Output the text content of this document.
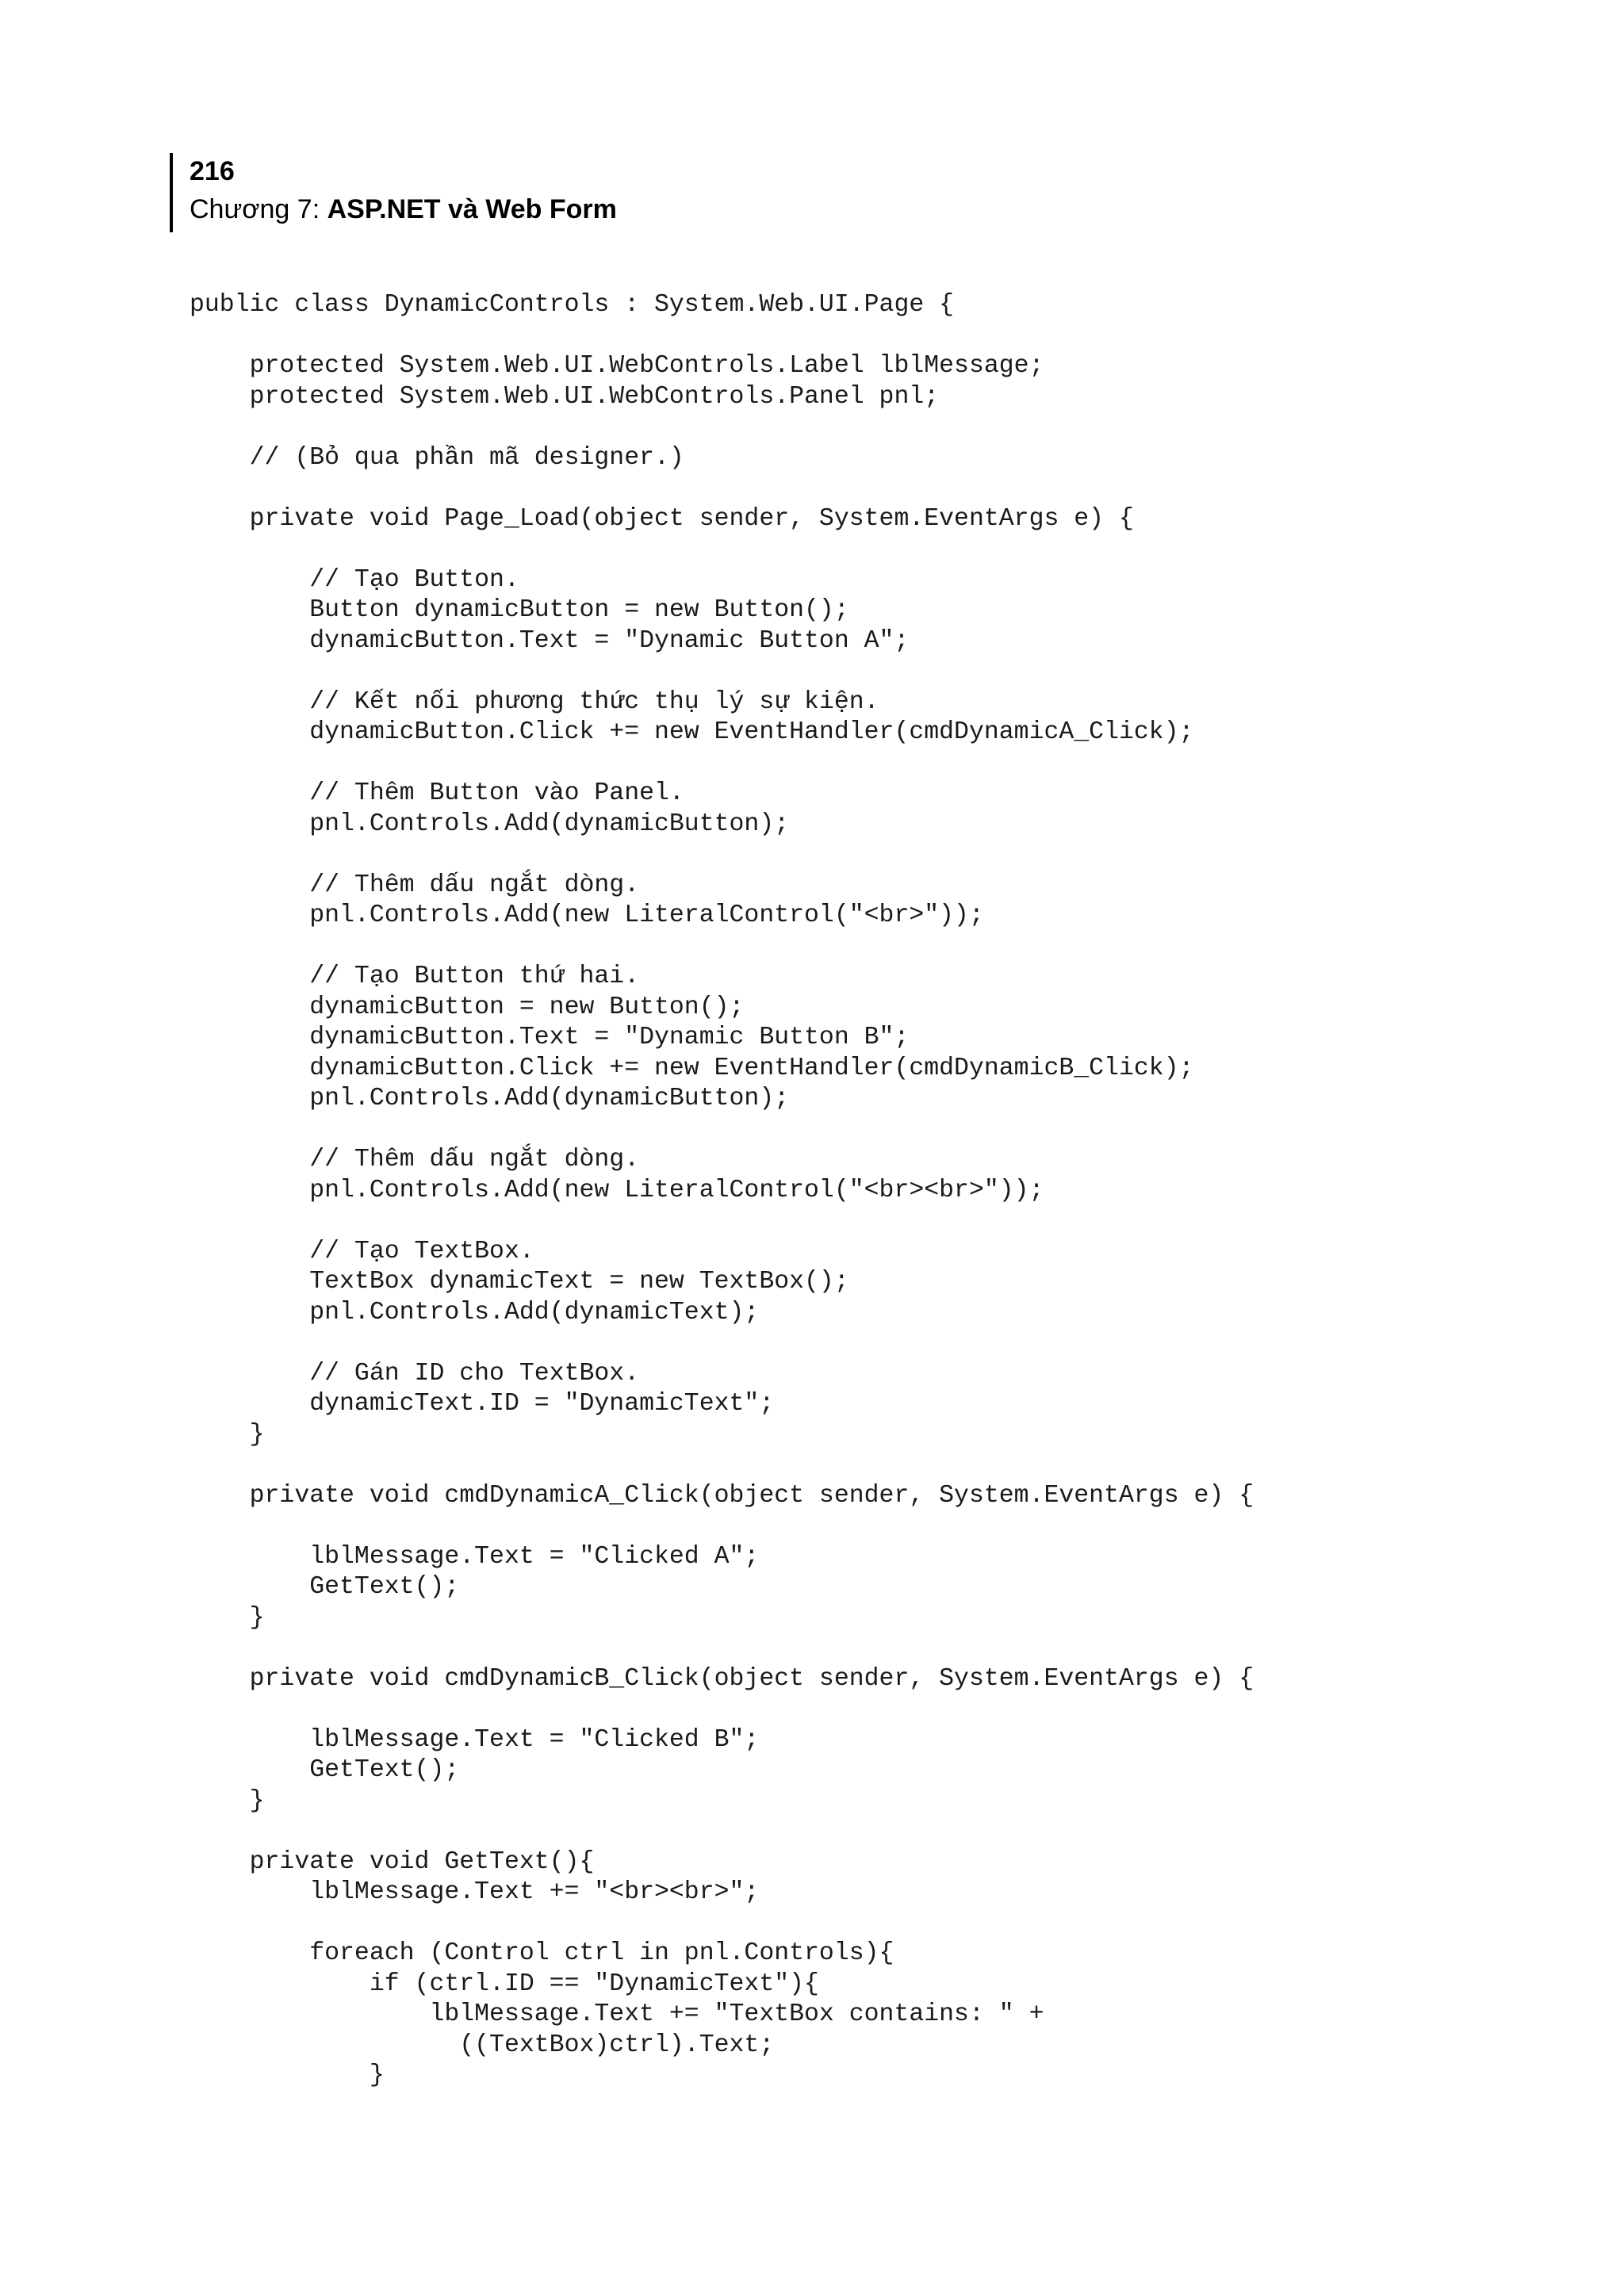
216
Chương 7: ASP.NET và Web Form
public class DynamicControls : System.Web.UI.Page {
protected System.Web.UI.WebControls.Label lblMessage;
protected System.Web.UI.WebControls.Panel pnl;
// (Bỏ qua phần mã designer.)
private void Page_Load(object sender, System.EventArgs e) {
// Tạo Button.
Button dynamicButton = new Button();
dynamicButton.Text = "Dynamic Button A";
// Kết nối phương thức thụ lý sự kiện.
dynamicButton.Click += new EventHandler(cmdDynamicA_Click);
// Thêm Button vào Panel.
pnl.Controls.Add(dynamicButton);
// Thêm dấu ngắt dòng.
pnl.Controls.Add(new LiteralControl("<br>"));
// Tạo Button thứ hai.
dynamicButton = new Button();
dynamicButton.Text = "Dynamic Button B";
dynamicButton.Click += new EventHandler(cmdDynamicB_Click);
pnl.Controls.Add(dynamicButton);
// Thêm dấu ngắt dòng.
pnl.Controls.Add(new LiteralControl("<br><br>"));
// Tạo TextBox.
TextBox dynamicText = new TextBox();
pnl.Controls.Add(dynamicText);
// Gán ID cho TextBox.
dynamicText.ID = "DynamicText";
}
private void cmdDynamicA_Click(object sender, System.EventArgs e) {
lblMessage.Text = "Clicked A";
GetText();
}
private void cmdDynamicB_Click(object sender, System.EventArgs e) {
lblMessage.Text = "Clicked B";
GetText();
}
private void GetText(){
lblMessage.Text += "<br><br>";
foreach (Control ctrl in pnl.Controls){
if (ctrl.ID == "DynamicText"){
lblMessage.Text += "TextBox contains: " +
((TextBox)ctrl).Text;
}
